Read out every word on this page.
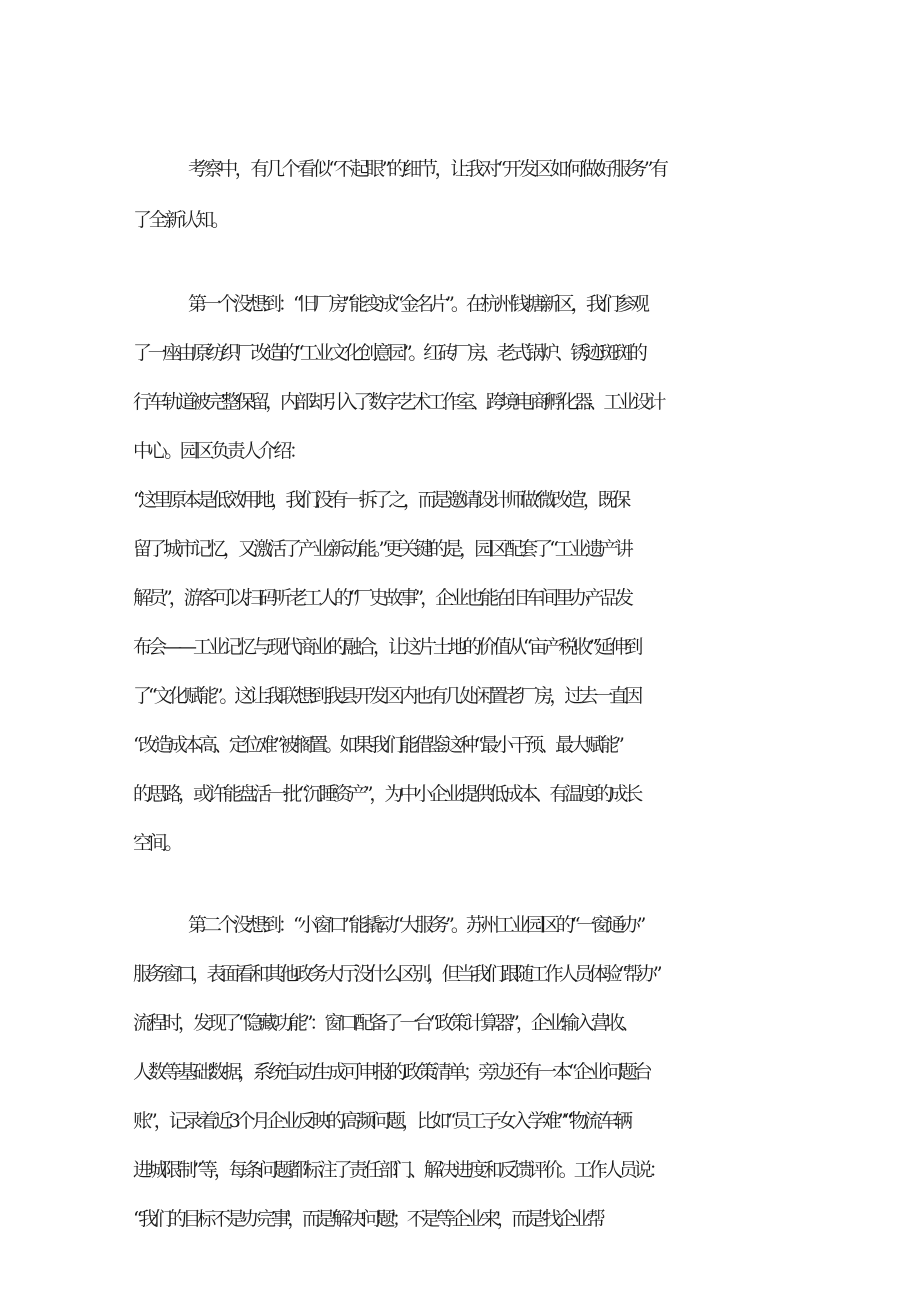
考察中，有几个看似“不起眼”的细节，让我对“开发区如何做好服务”有
了全新认知。
第一个没想到：“旧厂房”能变成“金名片”。在杭州钱塘新区，我们参观
了一座由原纺织厂改造的“工业文化创意园”。红砖厂房、老式锅炉、锈迹斑斑的
行车轨道被完整保留，内部却引入了数字艺术工作室、跨境电商孵化器、工业设计
中心。园区负责人介绍：
“这里原本是低效用地，我们没有一拆了之，而是邀请设计师做‘微改造’，既保
留了城市记忆，又激活了产业新动能。”更关键的是，园区配套了“工业遗产讲
解员”，游客可以扫码听老工人的“厂史故事”，企业也能在旧车间里办产品发
布会——工业记忆与现代商业的融合，让这片土地的价值从“亩产税收”延伸到
了“文化赋能”。这让我联想到我县开发区内也有几处闲置老厂房，过去一直因
“改造成本高、定位难”被搁置。如果我们能借鉴这种“最小干预、最大赋能”
的思路，或许能盘活一批“沉睡资产”，为中小企业提供低成本、有温度的成长
空间。
第二个没想到：“小窗口”能撬动“大服务”。苏州工业园区的“一窗通办”
服务窗口，表面看和其他政务大厅没什么区别，但当我们跟随工作人员体验“帮办”
流程时，发现了“隐藏功能”：窗口配备了一台“政策计算器”，企业输入营收、
人数等基础数据，系统自动生成可申报的政策清单；旁边还有一本“企业问题台
账”，记录着近3个月企业反映的高频问题，比如“员工子女入学难”“物流车辆
进城限制”等，每条问题都标注了责任部门、解决进度和反馈评价。工作人员说：
“我们的目标不是'办完事'，而是'解决问题'；不是'等企业来'，而是‘找企业帮
